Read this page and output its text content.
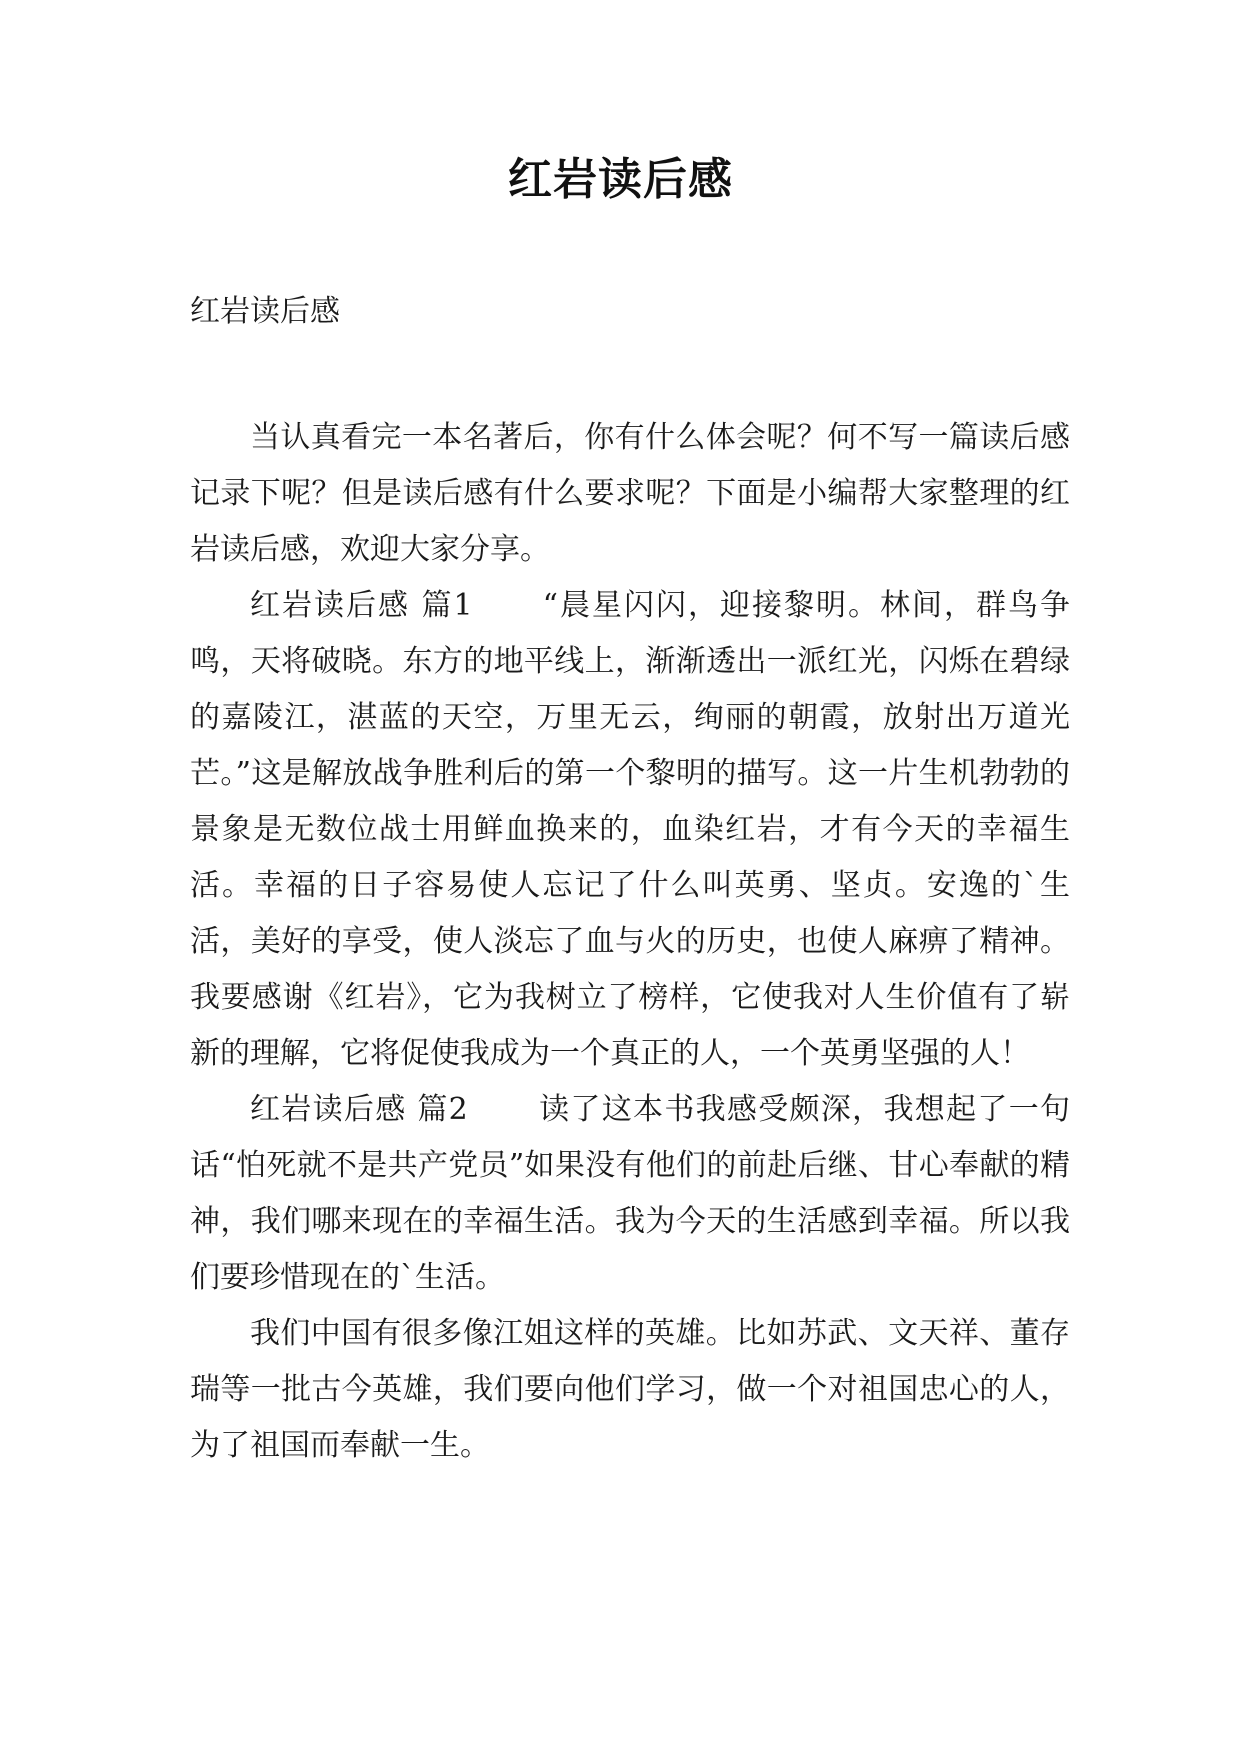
红岩读后感
红岩读后感

当认真看完一本名著后，你有什么体会呢？何不写一篇读后感记录下呢？但是读后感有什么要求呢？下面是小编帮大家整理的红岩读后感，欢迎大家分享。

红岩读后感 篇1 “晨星闪闪，迎接黎明。林间，群鸟争鸣，天将破晓。东方的地平线上，渐渐透出一派红光，闪烁在碧绿的嘉陵江，湛蓝的天空，万里无云，绚丽的朝霞，放射出万道光芒。”这是解放战争胜利后的第一个黎明的描写。这一片生机勃勃的景象是无数位战士用鲜血换来的，血染红岩，才有今天的幸福生活。幸福的日子容易使人忘记了什么叫英勇、坚贞。安逸的`生活，美好的享受，使人淡忘了血与火的历史，也使人麻痹了精神。我要感谢《红岩》，它为我树立了榜样，它使我对人生价值有了崭新的理解，它将促使我成为一个真正的人，一个英勇坚强的人！

红岩读后感 篇2 读了这本书我感受颇深，我想起了一句话“怕死就不是共产党员”如果没有他们的前赴后继、甘心奉献的精神，我们哪来现在的幸福生活。我为今天的生活感到幸福。所以我们要珍惜现在的`生活。

我们中国有很多像江姐这样的英雄。比如苏武、文天祥、董存瑞等一批古今英雄，我们要向他们学习，做一个对祖国忠心的人，为了祖国而奉献一生。
